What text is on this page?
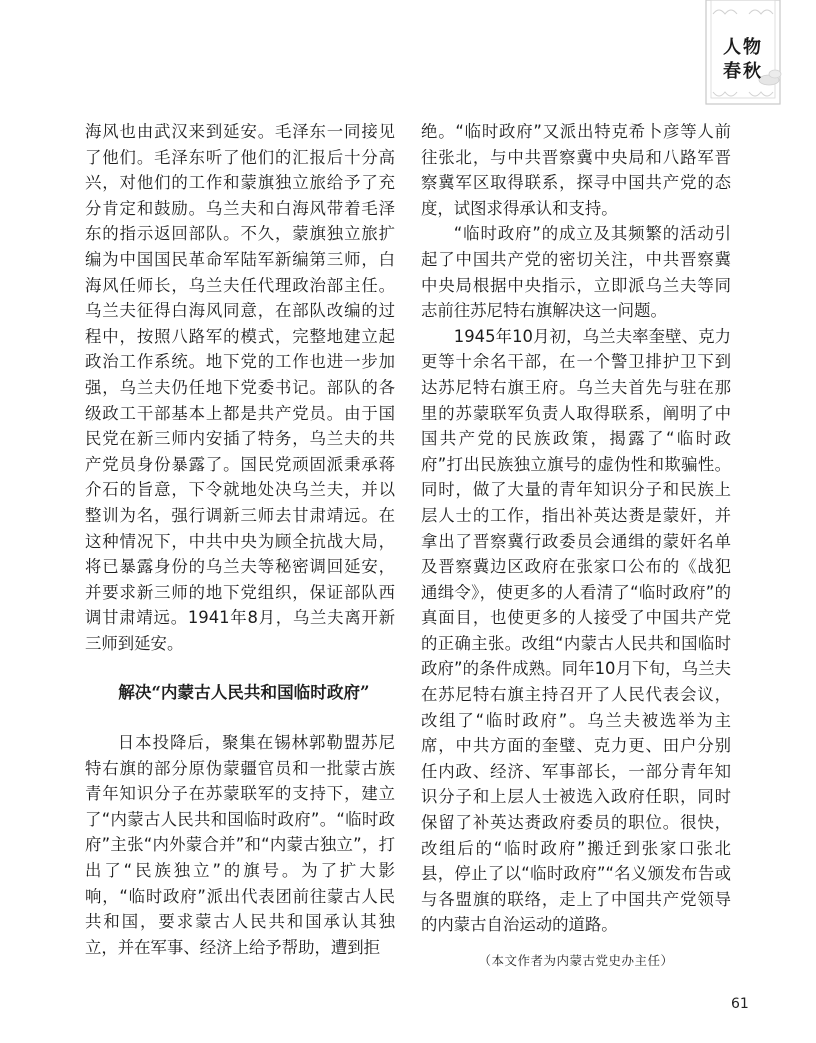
人物
春秋

海风也由武汉来到延安。毛泽东一同接见了他们。毛泽东听了他们的汇报后十分高兴，对他们的工作和蒙旗独立旅给予了充分肯定和鼓励。乌兰夫和白海风带着毛泽东的指示返回部队。不久，蒙旗独立旅扩编为中国国民革命军陆军新编第三师，白海风任师长，乌兰夫任代理政治部主任。乌兰夫征得白海风同意，在部队改编的过程中，按照八路军的模式，完整地建立起政治工作系统。地下党的工作也进一步加强，乌兰夫仍任地下党委书记。部队的各级政工干部基本上都是共产党员。由于国民党在新三师内安插了特务，乌兰夫的共产党员身份暴露了。国民党顽固派秉承蒋介石的旨意，下令就地处决乌兰夫，并以整训为名，强行调新三师去甘肃靖远。在这种情况下，中共中央为顾全抗战大局，将已暴露身份的乌兰夫等秘密调回延安，并要求新三师的地下党组织，保证部队西调甘肃靖远。1941年8月，乌兰夫离开新三师到延安。

解决“内蒙古人民共和国临时政府”

日本投降后，聚集在锡林郭勒盟苏尼特右旗的部分原伪蒙疆官员和一批蒙古族青年知识分子在苏蒙联军的支持下，建立了“内蒙古人民共和国临时政府”。“临时政府”主张“内外蒙合并”和“内蒙古独立”，打出了“民族独立”的旗号。为了扩大影响，“临时政府”派出代表团前往蒙古人民共和国，要求蒙古人民共和国承认其独立，并在军事、经济上给予帮助，遭到拒

绝。“临时政府”又派出特克希卜彦等人前往张北，与中共晋察冀中央局和八路军晋察冀军区取得联系，探寻中国共产党的态度，试图求得承认和支持。

“临时政府”的成立及其频繁的活动引起了中国共产党的密切关注，中共晋察冀中央局根据中央指示，立即派乌兰夫等同志前往苏尼特右旗解决这一问题。

1945年10月初，乌兰夫率奎壁、克力更等十余名干部，在一个警卫排护卫下到达苏尼特右旗王府。乌兰夫首先与驻在那里的苏蒙联军负责人取得联系，阐明了中国共产党的民族政策，揭露了“临时政府”打出民族独立旗号的虚伪性和欺骗性。同时，做了大量的青年知识分子和民族上层人士的工作，指出补英达赉是蒙奸，并拿出了晋察冀行政委员会通缉的蒙奸名单及晋察冀边区政府在张家口公布的《战犯通缉令》，使更多的人看清了“临时政府”的真面目，也使更多的人接受了中国共产党的正确主张。改组“内蒙古人民共和国临时政府”的条件成熟。同年10月下旬，乌兰夫在苏尼特右旗主持召开了人民代表会议，改组了“临时政府”。乌兰夫被选举为主席，中共方面的奎璧、克力更、田户分别任内政、经济、军事部长，一部分青年知识分子和上层人士被选入政府任职，同时保留了补英达赉政府委员的职位。很快，改组后的“临时政府”搬迁到张家口张北县，停止了以“临时政府”“名义颁发布告或与各盟旗的联络，走上了中国共产党领导的内蒙古自治运动的道路。

（本文作者为内蒙古党史办主任）

61
